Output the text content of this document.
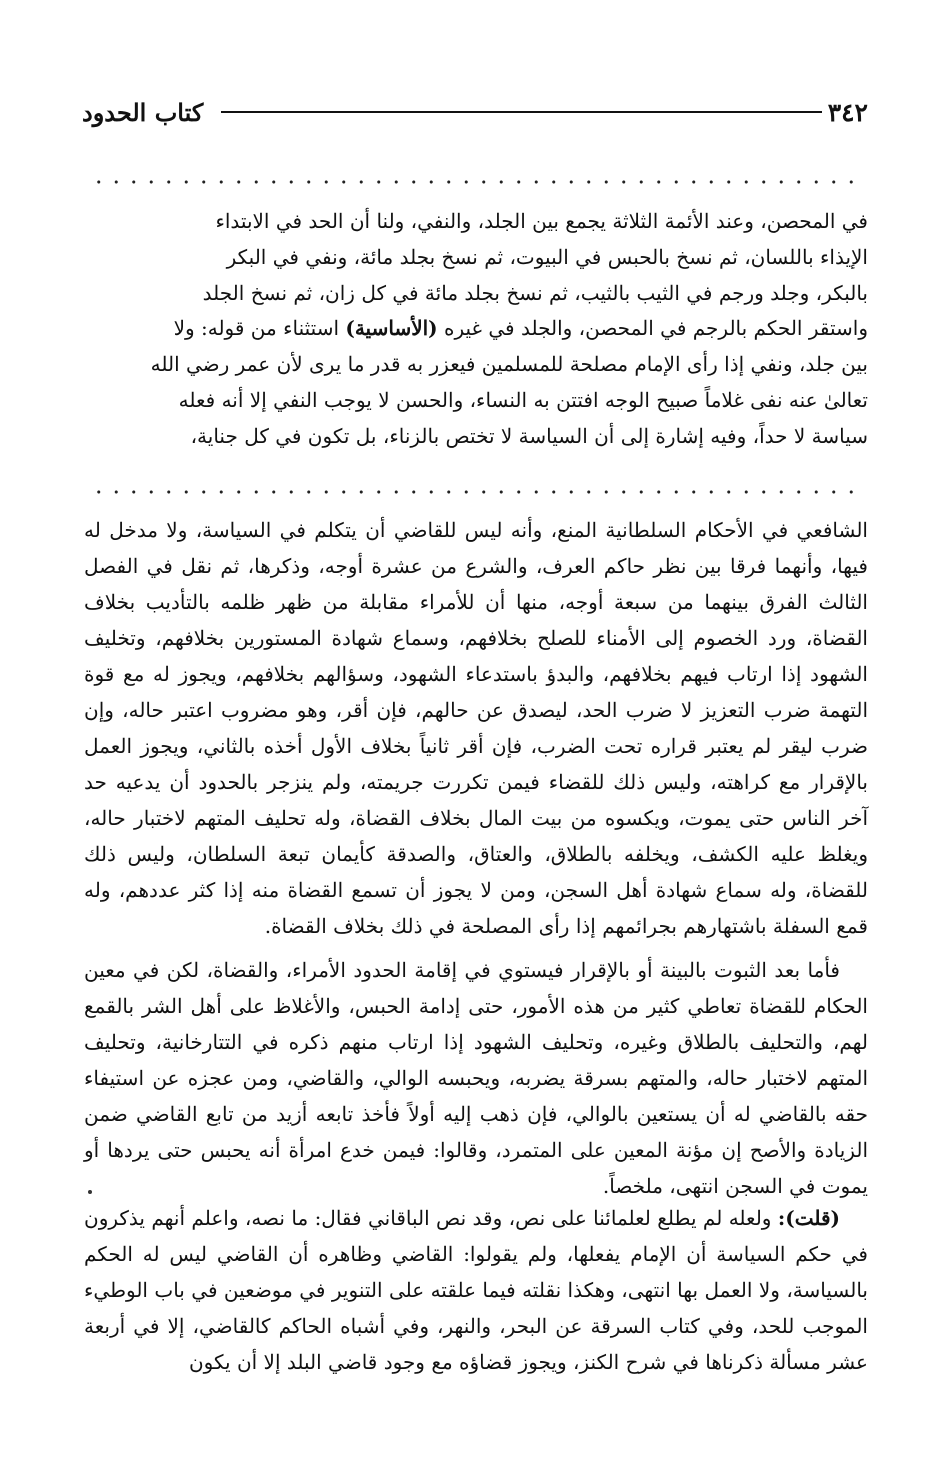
٣٤٢
كتاب الحدود

في المحصن، وعند الأئمة الثلاثة يجمع بين الجلد، والنفي، ولنا أن الحد في الابتداء

الإيذاء باللسان، ثم نسخ بالحبس في البيوت، ثم نسخ بجلد مائة، ونفي في البكر

بالبكر، وجلد ورجم في الثيب بالثيب، ثم نسخ بجلد مائة في كل زان، ثم نسخ الجلد

واستقر الحكم بالرجم في المحصن، والجلد في غيره (الأساسية) استثناء من قوله: ولا

بين جلد، ونفي إذا رأى الإمام مصلحة للمسلمين فيعزر به قدر ما يرى لأن عمر رضي الله

تعالىٰ عنه نفى غلاماً صبيح الوجه افتتن به النساء، والحسن لا يوجب النفي إلا أنه فعله

سياسة لا حداً، وفيه إشارة إلى أن السياسة لا تختص بالزناء، بل تكون في كل جناية،

الشافعي في الأحكام السلطانية المنع، وأنه ليس للقاضي أن يتكلم في السياسة، ولا مدخل له فيها، وأنهما فرقا بين نظر حاكم العرف، والشرع من عشرة أوجه، وذكرها، ثم نقل في الفصل الثالث الفرق بينهما من سبعة أوجه، منها أن للأمراء مقابلة من ظهر ظلمه بالتأديب بخلاف القضاة، ورد الخصوم إلى الأمناء للصلح بخلافهم، وسماع شهادة المستورين بخلافهم، وتخليف الشهود إذا ارتاب فيهم بخلافهم، والبدؤ باستدعاء الشهود، وسؤالهم بخلافهم، ويجوز له مع قوة التهمة ضرب التعزيز لا ضرب الحد، ليصدق عن حالهم، فإن أقر، وهو مضروب اعتبر حاله، وإن ضرب ليقر لم يعتبر قراره تحت الضرب، فإن أقر ثانياً بخلاف الأول أخذه بالثاني، ويجوز العمل بالإقرار مع كراهته، وليس ذلك للقضاء فيمن تكررت جريمته، ولم ينزجر بالحدود أن يدعيه حد آخر الناس حتى يموت، ويكسوه من بيت المال بخلاف القضاة، وله تحليف المتهم لاختبار حاله، ويغلظ عليه الكشف، ويخلفه بالطلاق، والعتاق، والصدقة كأيمان تبعة السلطان، وليس ذلك للقضاة، وله سماع شهادة أهل السجن، ومن لا يجوز أن تسمع القضاة منه إذا كثر عددهم، وله قمع السفلة باشتهارهم بجرائمهم إذا رأى المصلحة في ذلك بخلاف القضاة.

فأما بعد الثبوت بالبينة أو بالإقرار فيستوي في إقامة الحدود الأمراء، والقضاة، لكن في معين الحكام للقضاة تعاطي كثير من هذه الأمور، حتى إدامة الحبس، والأغلاظ على أهل الشر بالقمع لهم، والتحليف بالطلاق وغيره، وتحليف الشهود إذا ارتاب منهم ذكره في التتارخانية، وتحليف المتهم لاختبار حاله، والمتهم بسرقة يضربه، ويحبسه الوالي، والقاضي، ومن عجزه عن استيفاء حقه بالقاضي له أن يستعين بالوالي، فإن ذهب إليه أولاً فأخذ تابعه أزيد من تابع القاضي ضمن الزيادة والأصح إن مؤنة المعين على المتمرد، وقالوا: فيمن خدع امرأة أنه يحبس حتى يردها أو يموت في السجن انتهى، ملخصاً.

(قلت): ولعله لم يطلع لعلمائنا على نص، وقد نص الباقاني فقال: ما نصه، واعلم أنهم يذكرون في حكم السياسة أن الإمام يفعلها، ولم يقولوا: القاضي وظاهره أن القاضي ليس له الحكم بالسياسة، ولا العمل بها انتهى، وهكذا نقلته فيما علقته على التنوير في موضعين في باب الوطيء الموجب للحد، وفي كتاب السرقة عن البحر، والنهر، وفي أشباه الحاكم كالقاضي، إلا في أربعة عشر مسألة ذكرناها في شرح الكنز، ويجوز قضاؤه مع وجود قاضي البلد إلا أن يكون
